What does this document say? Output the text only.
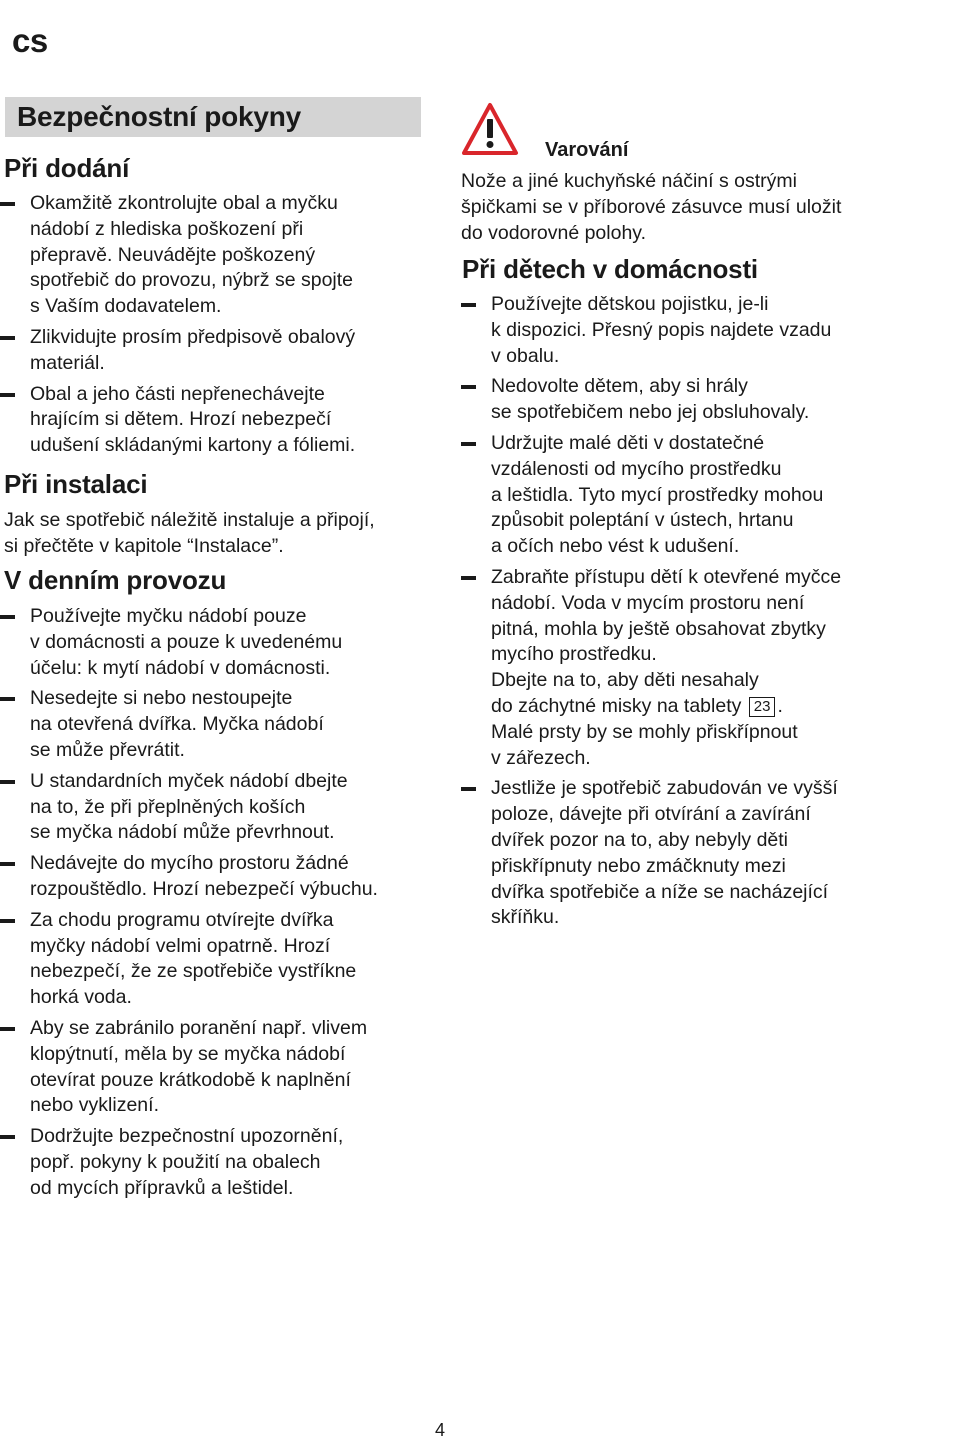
cs
Bezpečnostní pokyny
Při dodání
Okamžitě zkontrolujte obal a myčku
nádobí z hlediska poškození při
přepravě. Neuvádějte poškozený
spotřebič do provozu, nýbrž se spojte
s Vaším dodavatelem.
Zlikvidujte prosím předpisově obalový
materiál.
Obal a jeho části nepřenechávejte
hrajícím si dětem. Hrozí nebezpečí
udušení skládanými kartony a fóliemi.
Při instalaci
Jak se spotřebič náležitě instaluje a připojí,
si přečtěte v kapitole “Instalace”.
V denním provozu
Používejte myčku nádobí pouze
v domácnosti a pouze k uvedenému
účelu: k mytí nádobí v domácnosti.
Nesedejte si nebo nestoupejte
na otevřená dvířka. Myčka nádobí
se může převrátit.
U standardních myček nádobí dbejte
na to, že při přeplněných koších
se myčka nádobí může převrhnout.
Nedávejte do mycího prostoru žádné
rozpouštědlo. Hrozí nebezpečí výbuchu.
Za chodu programu otvírejte dvířka
myčky nádobí velmi opatrně. Hrozí
nebezpečí, že ze spotřebiče vystříkne
horká voda.
Aby se zabránilo poranění např. vlivem
klopýtnutí, měla by se myčka nádobí
otevírat pouze krátkodobě k naplnění
nebo vyklizení.
Dodržujte bezpečnostní upozornění,
popř. pokyny k použití na obalech
od mycích přípravků a leštidel.
Varování
Nože a jiné kuchyňské náčiní s ostrými
špičkami se v příborové zásuvce musí uložit
do vodorovné polohy.
Při dětech v domácnosti
Používejte dětskou pojistku, je-li
k dispozici. Přesný popis najdete vzadu
v obalu.
Nedovolte dětem, aby si hrály
se spotřebičem nebo jej obsluhovaly.
Udržujte malé děti v dostatečné
vzdálenosti od mycího prostředku
a leštidla. Tyto mycí prostředky mohou
způsobit poleptání v ústech, hrtanu
a očích nebo vést k udušení.
Zabraňte přístupu dětí k otevřené myčce
nádobí. Voda v mycím prostoru není
pitná, mohla by ještě obsahovat zbytky
mycího prostředku.
Dbejte na to, aby děti nesahaly
do záchytné misky na tablety 23 .
Malé prsty by se mohly přiskřípnout
v zářezech.
Jestliže je spotřebič zabudován ve vyšší
poloze, dávejte při otvírání a zavírání
dvířek pozor na to, aby nebyly děti
přiskřípnuty nebo zmáčknuty mezi
dvířka spotřebiče a níže se nacházející
skříňku.
4
